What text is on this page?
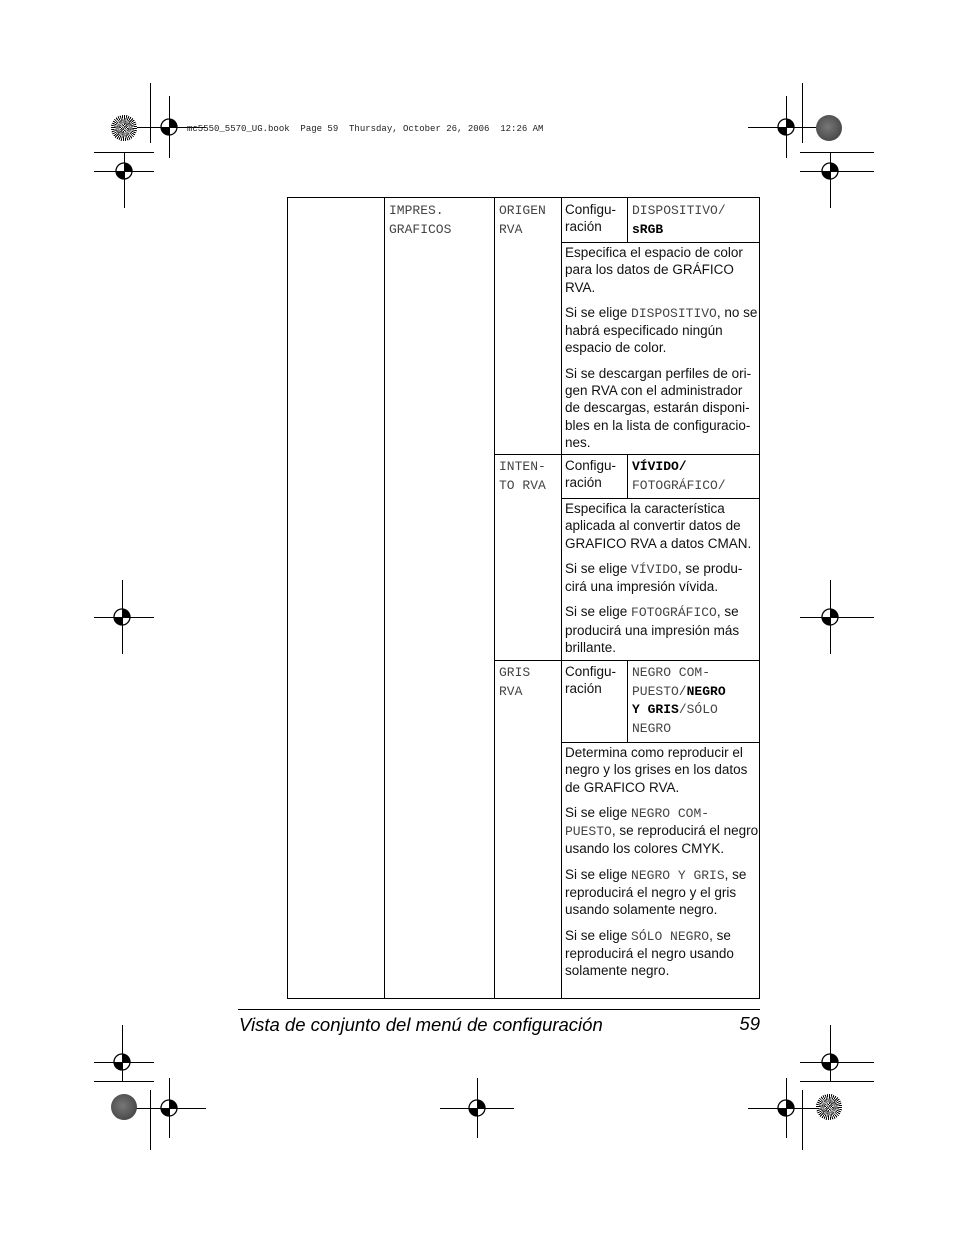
mc5550_5570_UG.book  Page 59  Thursday, October 26, 2006  12:26 AM
IMPRES.
GRAFICOS
ORIGEN
RVA
Configu-
ración
DISPOSITIVO/
sRGB

Especifica el espacio de color para los datos de GRÁFICO RVA.

Si se elige DISPOSITIVO, no se habrá especificado ningún espacio de color.

Si se descargan perfiles de ori-gen RVA con el administrador de descargas, estarán disponi-bles en la lista de configuracio-nes.

INTEN-
TO RVA
Configu-
ración
VÍVIDO/
FOTOGRÁFICO/

Especifica la característica aplicada al convertir datos de GRAFICO RVA a datos CMAN.

Si se elige VÍVIDO, se produ-cirá una impresión vívida.

Si se elige FOTOGRÁFICO, se producirá una impresión más brillante.

GRIS
RVA
Configu-
ración
NEGRO COM-
PUESTO/NEGRO
Y GRIS/SÓLO
NEGRO

Determina como reproducir el negro y los grises en los datos de GRAFICO RVA.

Si se elige NEGRO COM-PUESTO, se reproducirá el negro usando los colores CMYK.

Si se elige NEGRO Y GRIS, se reproducirá el negro y el gris usando solamente negro.

Si se elige SÓLO NEGRO, se reproducirá el negro usando solamente negro.

Vista de conjunto del menú de configuración	59
